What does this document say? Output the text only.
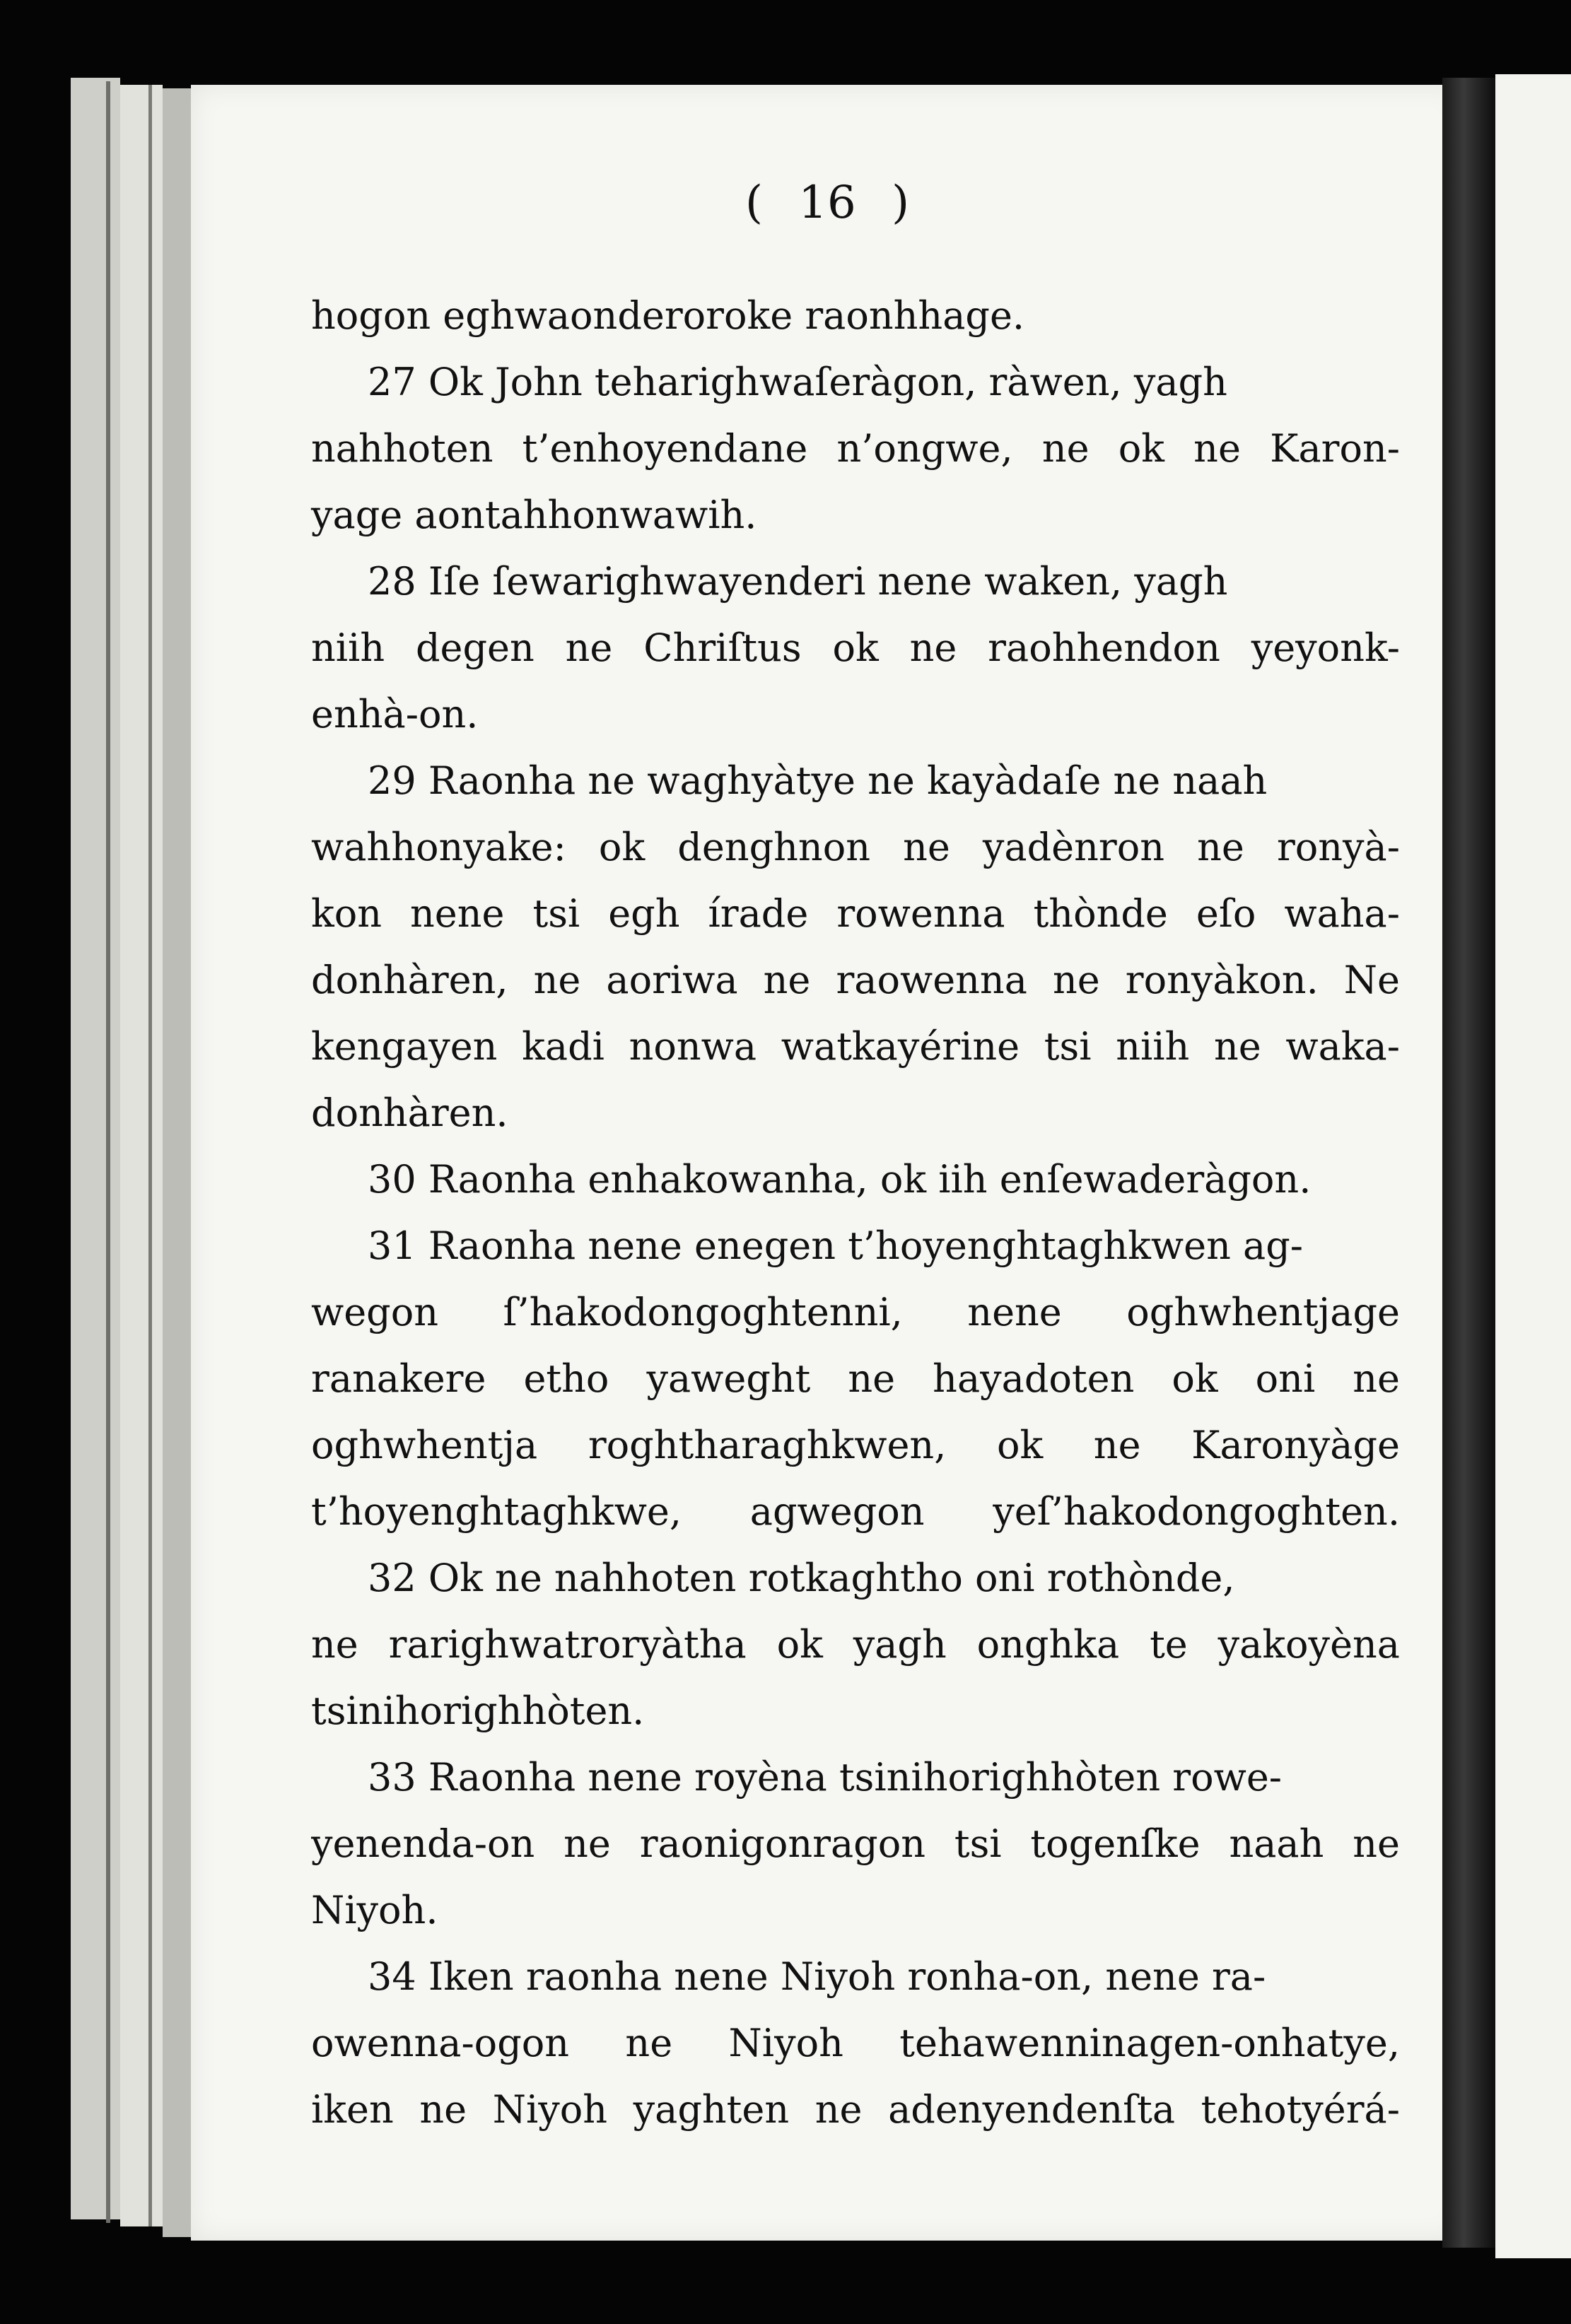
( 16 )
hogon eghwaonderoroke raonhhage.
27 Ok John teharighwaſeràgon, ràwen, yagh
nahhoten t’enhoyendane n’ongwe, ne ok ne Karon-
yage aontahhonwawih.
28 Iſe ſewarighwayenderi nene waken, yagh
niih degen ne Chriſtus ok ne raohhendon yeyonk-
enhà-on.
29 Raonha ne waghyàtye ne kayàdaſe ne naah
wahhonyake: ok denghnon ne yadènron ne ronyà-
kon nene tsi egh írade rowenna thònde eſo waha-
donhàren, ne aoriwa ne raowenna ne ronyàkon. Ne
kengayen kadi nonwa watkayérine tsi niih ne waka-
donhàren.
30 Raonha enhakowanha, ok iih enſewaderàgon.
31 Raonha nene enegen t’hoyenghtaghkwen ag-
wegon ſ’hakodongoghtenni, nene oghwhentjage
ranakere etho yaweght ne hayadoten ok oni ne
oghwhentja roghtharaghkwen, ok ne Karonyàge
t’hoyenghtaghkwe, agwegon yeſ’hakodongoghten.
32 Ok ne nahhoten rotkaghtho oni rothònde,
ne rarighwatroryàtha ok yagh onghka te yakoyèna
tsinihorighhòten.
33 Raonha nene royèna tsinihorighhòten rowe-
yenenda-on ne raonigonragon tsi togenſke naah ne
Niyoh.
34 Iken raonha nene Niyoh ronha-on, nene ra-
owenna-ogon ne Niyoh tehawenninagen-onhatye,
iken ne Niyoh yaghten ne adenyendenſta tehotyérá-
